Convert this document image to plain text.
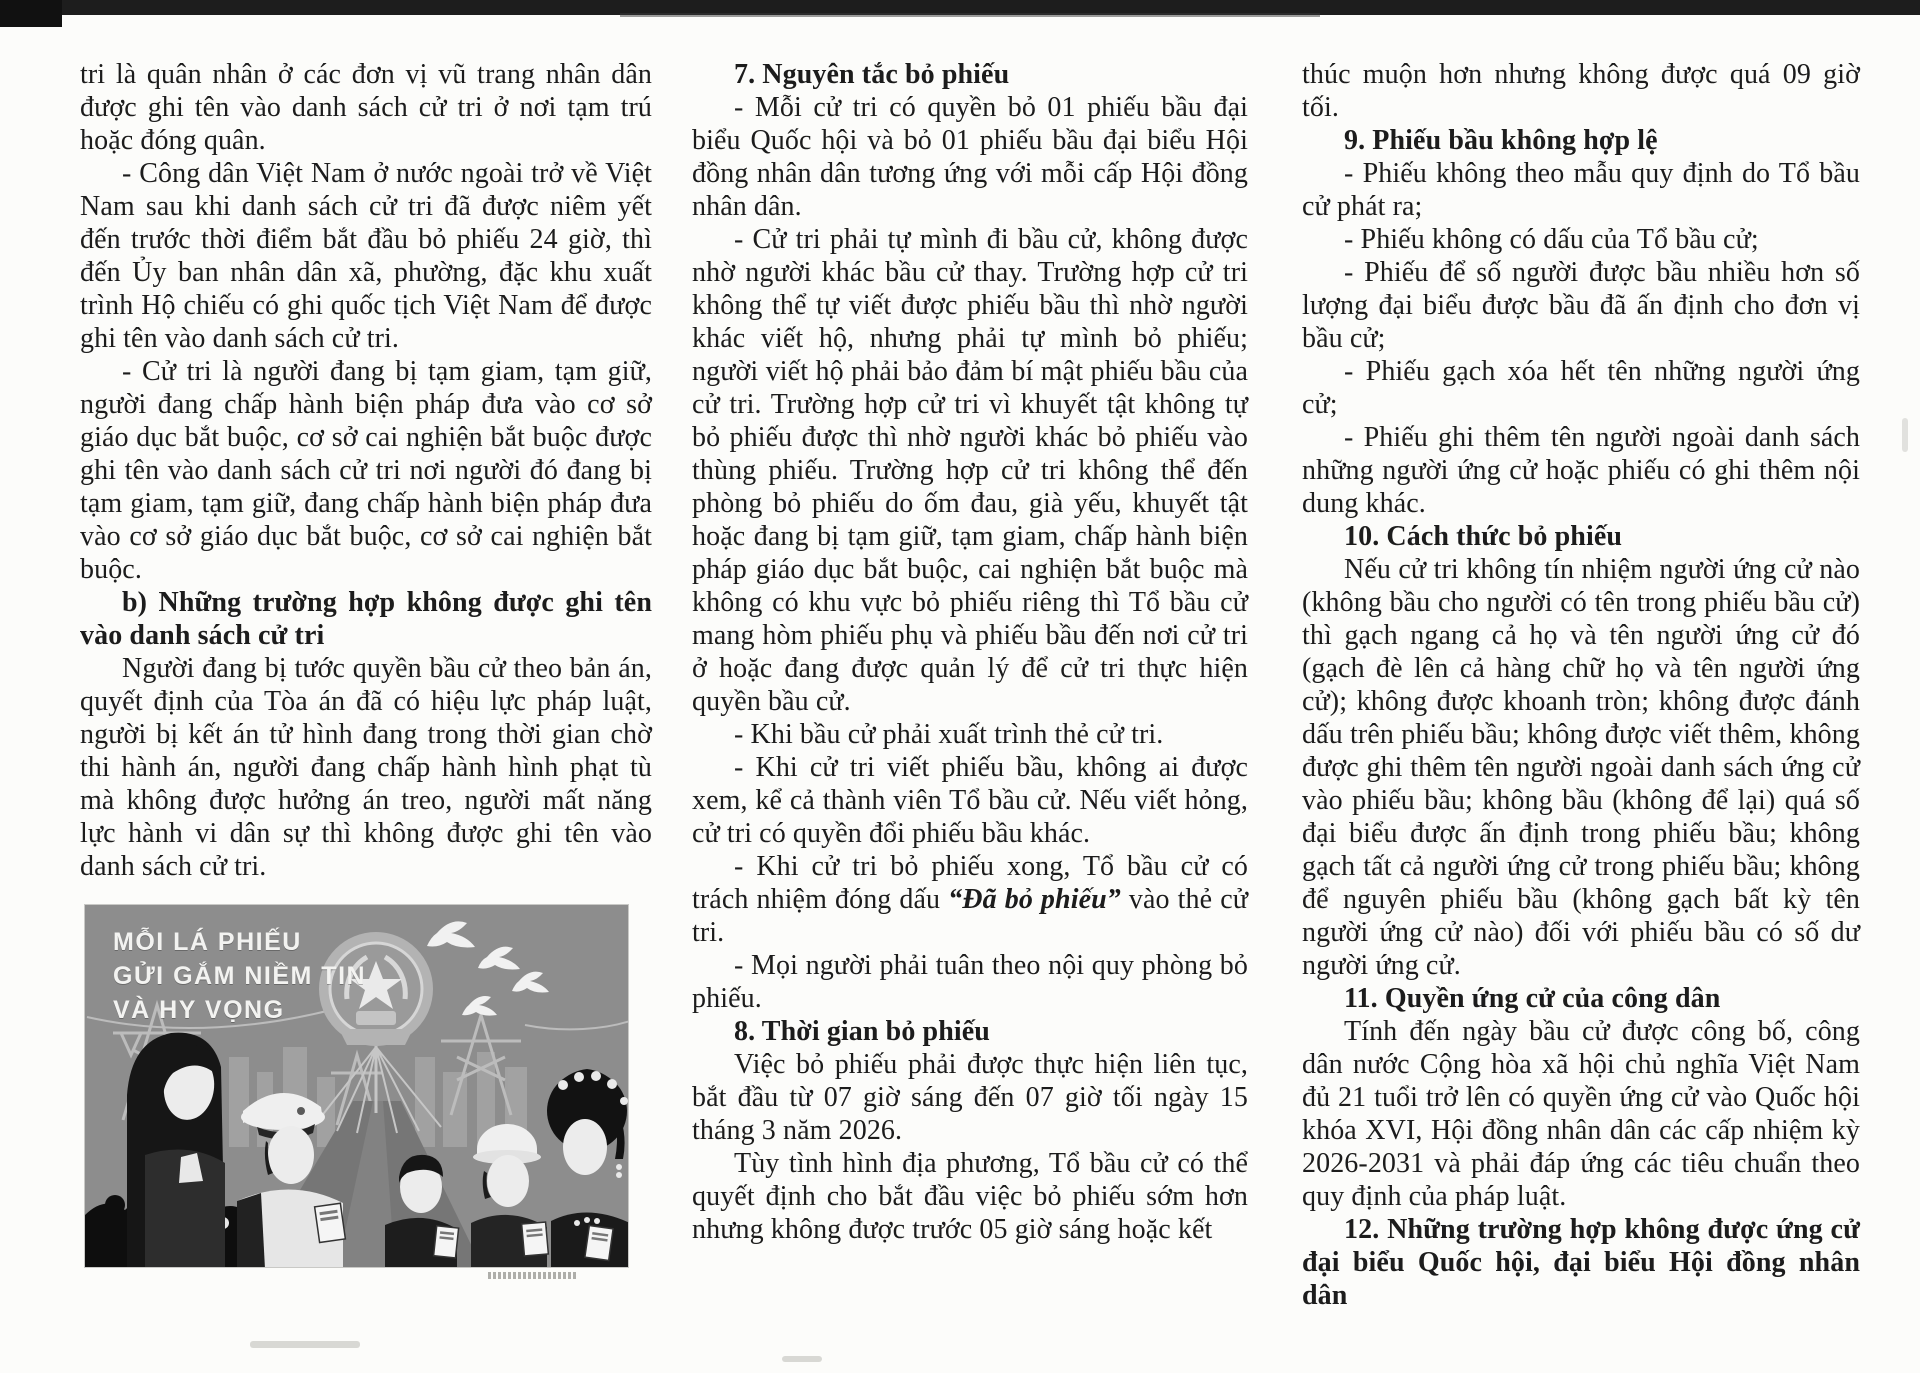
tri là quân nhân ở các đơn vị vũ trang nhân dân được ghi tên vào danh sách cử tri ở nơi tạm trú hoặc đóng quân.

- Công dân Việt Nam ở nước ngoài trở về Việt Nam sau khi danh sách cử tri đã được niêm yết đến trước thời điểm bắt đầu bỏ phiếu 24 giờ, thì đến Ủy ban nhân dân xã, phường, đặc khu xuất trình Hộ chiếu có ghi quốc tịch Việt Nam để được ghi tên vào danh sách cử tri.

- Cử tri là người đang bị tạm giam, tạm giữ, người đang chấp hành biện pháp đưa vào cơ sở giáo dục bắt buộc, cơ sở cai nghiện bắt buộc được ghi tên vào danh sách cử tri nơi người đó đang bị tạm giam, tạm giữ, đang chấp hành biện pháp đưa vào cơ sở giáo dục bắt buộc, cơ sở cai nghiện bắt buộc.

b) Những trường hợp không được ghi tên vào danh sách cử tri

Người đang bị tước quyền bầu cử theo bản án, quyết định của Tòa án đã có hiệu lực pháp luật, người bị kết án tử hình đang trong thời gian chờ thi hành án, người đang chấp hành hình phạt tù mà không được hưởng án treo, người mất năng lực hành vi dân sự thì không được ghi tên vào danh sách cử tri.

7. Nguyên tắc bỏ phiếu

- Mỗi cử tri có quyền bỏ 01 phiếu bầu đại biểu Quốc hội và bỏ 01 phiếu bầu đại biểu Hội đồng nhân dân tương ứng với mỗi cấp Hội đồng nhân dân.

- Cử tri phải tự mình đi bầu cử, không được nhờ người khác bầu cử thay. Trường hợp cử tri không thể tự viết được phiếu bầu thì nhờ người khác viết hộ, nhưng phải tự mình bỏ phiếu; người viết hộ phải bảo đảm bí mật phiếu bầu của cử tri. Trường hợp cử tri vì khuyết tật không tự bỏ phiếu được thì nhờ người khác bỏ phiếu vào thùng phiếu. Trường hợp cử tri không thể đến phòng bỏ phiếu do ốm đau, già yếu, khuyết tật hoặc đang bị tạm giữ, tạm giam, chấp hành biện pháp giáo dục bắt buộc, cai nghiện bắt buộc mà không có khu vực bỏ phiếu riêng thì Tổ bầu cử mang hòm phiếu phụ và phiếu bầu đến nơi cử tri ở hoặc đang được quản lý để cử tri thực hiện quyền bầu cử.

- Khi bầu cử phải xuất trình thẻ cử tri.

- Khi cử tri viết phiếu bầu, không ai được xem, kể cả thành viên Tổ bầu cử. Nếu viết hỏng, cử tri có quyền đổi phiếu bầu khác.

- Khi cử tri bỏ phiếu xong, Tổ bầu cử có trách nhiệm đóng dấu “Đã bỏ phiếu” vào thẻ cử tri.

- Mọi người phải tuân theo nội quy phòng bỏ phiếu.

8. Thời gian bỏ phiếu

Việc bỏ phiếu phải được thực hiện liên tục, bắt đầu từ 07 giờ sáng đến 07 giờ tối ngày 15 tháng 3 năm 2026.

Tùy tình hình địa phương, Tổ bầu cử có thể quyết định cho bắt đầu việc bỏ phiếu sớm hơn nhưng không được trước 05 giờ sáng hoặc kết

thúc muộn hơn nhưng không được quá 09 giờ tối.

9. Phiếu bầu không hợp lệ

- Phiếu không theo mẫu quy định do Tổ bầu cử phát ra;

- Phiếu không có dấu của Tổ bầu cử;

- Phiếu để số người được bầu nhiều hơn số lượng đại biểu được bầu đã ấn định cho đơn vị bầu cử;

- Phiếu gạch xóa hết tên những người ứng cử;

- Phiếu ghi thêm tên người ngoài danh sách những người ứng cử hoặc phiếu có ghi thêm nội dung khác.

10. Cách thức bỏ phiếu

Nếu cử tri không tín nhiệm người ứng cử nào (không bầu cho người có tên trong phiếu bầu cử) thì gạch ngang cả họ và tên người ứng cử đó (gạch đè lên cả hàng chữ họ và tên người ứng cử); không được khoanh tròn; không được đánh dấu trên phiếu bầu; không được viết thêm, không được ghi thêm tên người ngoài danh sách ứng cử vào phiếu bầu; không bầu (không để lại) quá số đại biểu được ấn định trong phiếu bầu; không gạch tất cả người ứng cử trong phiếu bầu; không để nguyên phiếu bầu (không gạch bất kỳ tên người ứng cử nào) đối với phiếu bầu có số dư người ứng cử.

11. Quyền ứng cử của công dân

Tính đến ngày bầu cử được công bố, công dân nước Cộng hòa xã hội chủ nghĩa Việt Nam đủ 21 tuổi trở lên có quyền ứng cử vào Quốc hội khóa XVI, Hội đồng nhân dân các cấp nhiệm kỳ 2026-2031 và phải đáp ứng các tiêu chuẩn theo quy định của pháp luật.

12. Những trường hợp không được ứng cử đại biểu Quốc hội, đại biểu Hội đồng nhân dân

MỖI LÁ PHIẾU
GỬI GẮM NIỀM TIN
VÀ HY VỌNG
